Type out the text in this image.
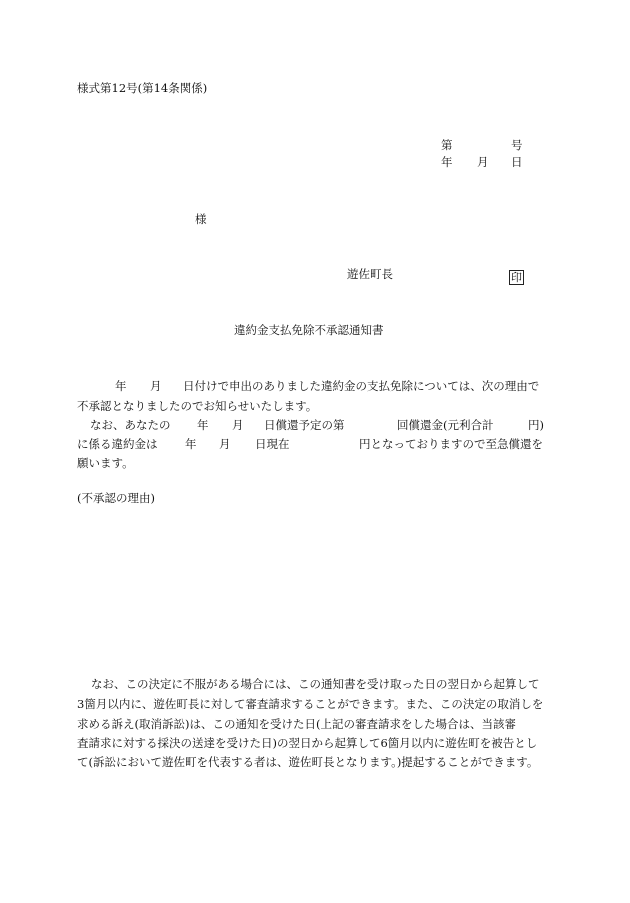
様式第12号(第14条関係)
第	号
年 月 日
様
遊佐町長	印
違約金支払免除不承認通知書
年 月 日付けで申出のありました違約金の支払免除については、次の理由で
不承認となりましたのでお知らせいたします。
なお、あなたの 年 月 日償還予定の第	回償還金(元利合計	円)
に係る違約金は 年 月 日現在	円となっておりますので至急償還を
願います。
(不承認の理由)
なお、この決定に不服がある場合には、この通知書を受け取った日の翌日から起算して
3箇月以内に、遊佐町長に対して審査請求することができます。また、この決定の取消しを
求める訴え(取消訴訟)は、この通知を受けた日(上記の審査請求をした場合は、当該審
査請求に対する採決の送達を受けた日)の翌日から起算して6箇月以内に遊佐町を被告とし
て(訴訟において遊佐町を代表する者は、遊佐町長となります。)提起することができます。
